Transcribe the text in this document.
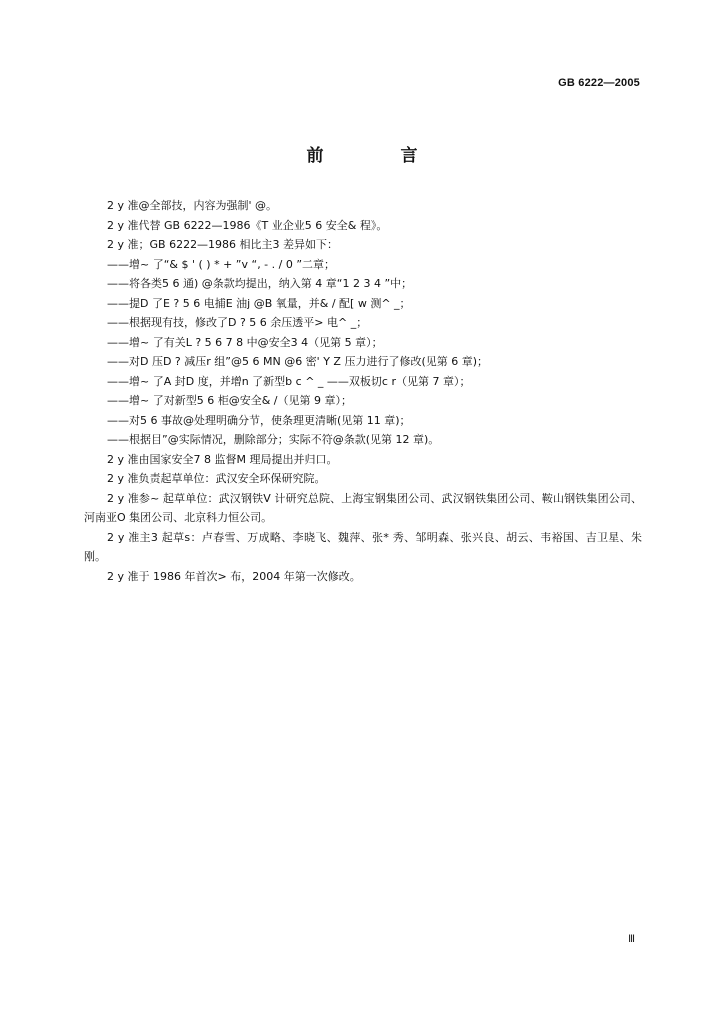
GB 6222—2005
前　言

2 y 准@全部技，内容为强制' @。

2 y 准代替 GB 6222—1986《T 业企业5 6 安全& 程》。

2 y 准；GB 6222—1986 相比主3 差异如下：

——增~ 了“& $ ' ( ) * + ”v “, - . / 0 ”二章；

——将各类5 6 通) @条款均提出，纳入第 4 章“1 2 3 4 ”中；

——提D 了E ? 5 6 电捕E 油j @B 氧量，并& / 配[ w 测^ _；

——根据现有技，修改了D ? 5 6 余压透平> 电^ _；

——增~ 了有关L ? 5 6 7 8 中@安全3 4（见第 5 章）；

——对D 压D ? 减压r 组”@5 6 MN @6 密' Y Z 压力进行了修改(见第 6 章)；

——增~ 了A 封D 度，并增n 了新型b c ^ _ ——双板切c r（见第 7 章）；

——增~ 了对新型5 6 柜@安全& /（见第 9 章）；

——对5 6 事故@处理明确分节，使条理更清晰(见第 11 章)；

——根据目”@实际情况，删除部分；实际不符@条款(见第 12 章)。

2 y 准由国家安全7 8 监督M 理局提出并归口。

2 y 准负责起草单位：武汉安全环保研究院。

2 y 准参~ 起草单位：武汉钢铁V 计研究总院、上海宝钢集团公司、武汉钢铁集团公司、鞍山钢铁集团公司、河南亚O 集团公司、北京科力恒公司。

2 y 准主3 起草s：卢春雪、万成略、李晓飞、魏萍、张* 秀、邹明森、张兴良、胡云、韦裕国、吉卫星、朱刚。

2 y 准于 1986 年首次> 布，2004 年第一次修改。

Ⅲ
